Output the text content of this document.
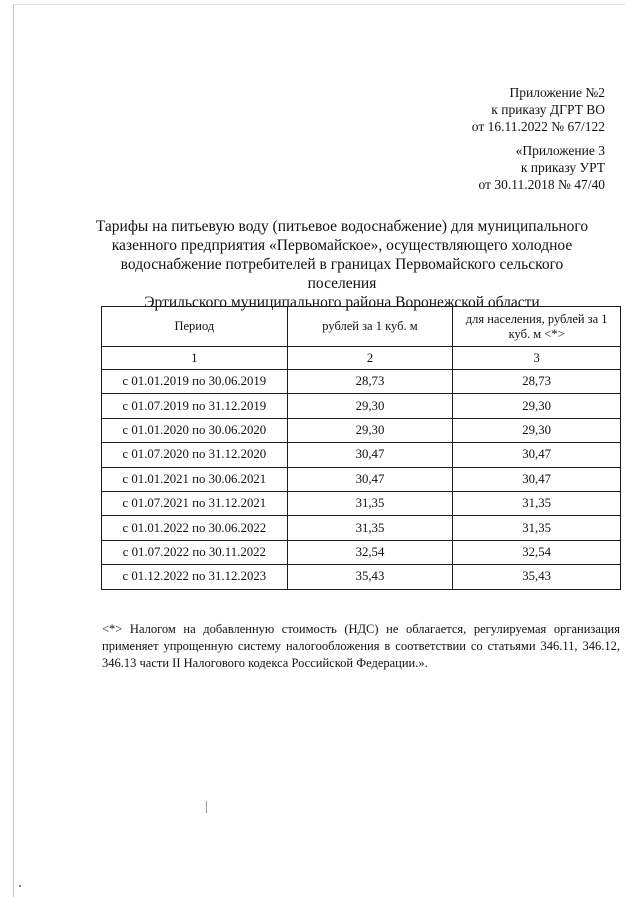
Приложение №2
к приказу ДГРТ ВО
от 16.11.2022 № 67/122
«Приложение 3
к приказу УРТ
от 30.11.2018 № 47/40
Тарифы на питьевую воду (питьевое водоснабжение) для муниципального
казенного предприятия «Первомайское», осуществляющего холодное
водоснабжение потребителей в границах Первомайского сельского поселения
Эртильского муниципального района Воронежской области
Период	рублей за 1 куб. м	для населения, рублей за 1 куб. м <*>
1	2	3
с 01.01.2019 по 30.06.2019	28,73	28,73
с 01.07.2019 по 31.12.2019	29,30	29,30
с 01.01.2020 по 30.06.2020	29,30	29,30
с 01.07.2020 по 31.12.2020	30,47	30,47
с 01.01.2021 по 30.06.2021	30,47	30,47
с 01.07.2021 по 31.12.2021	31,35	31,35
с 01.01.2022 по 30.06.2022	31,35	31,35
с 01.07.2022 по 30.11.2022	32,54	32,54
с 01.12.2022 по 31.12.2023	35,43	35,43
<*> Налогом на добавленную стоимость (НДС) не облагается, регулируемая организация применяет упрощенную систему налогообложения в соответствии со статьями 346.11, 346.12, 346.13 части II Налогового кодекса Российской Федерации.».
